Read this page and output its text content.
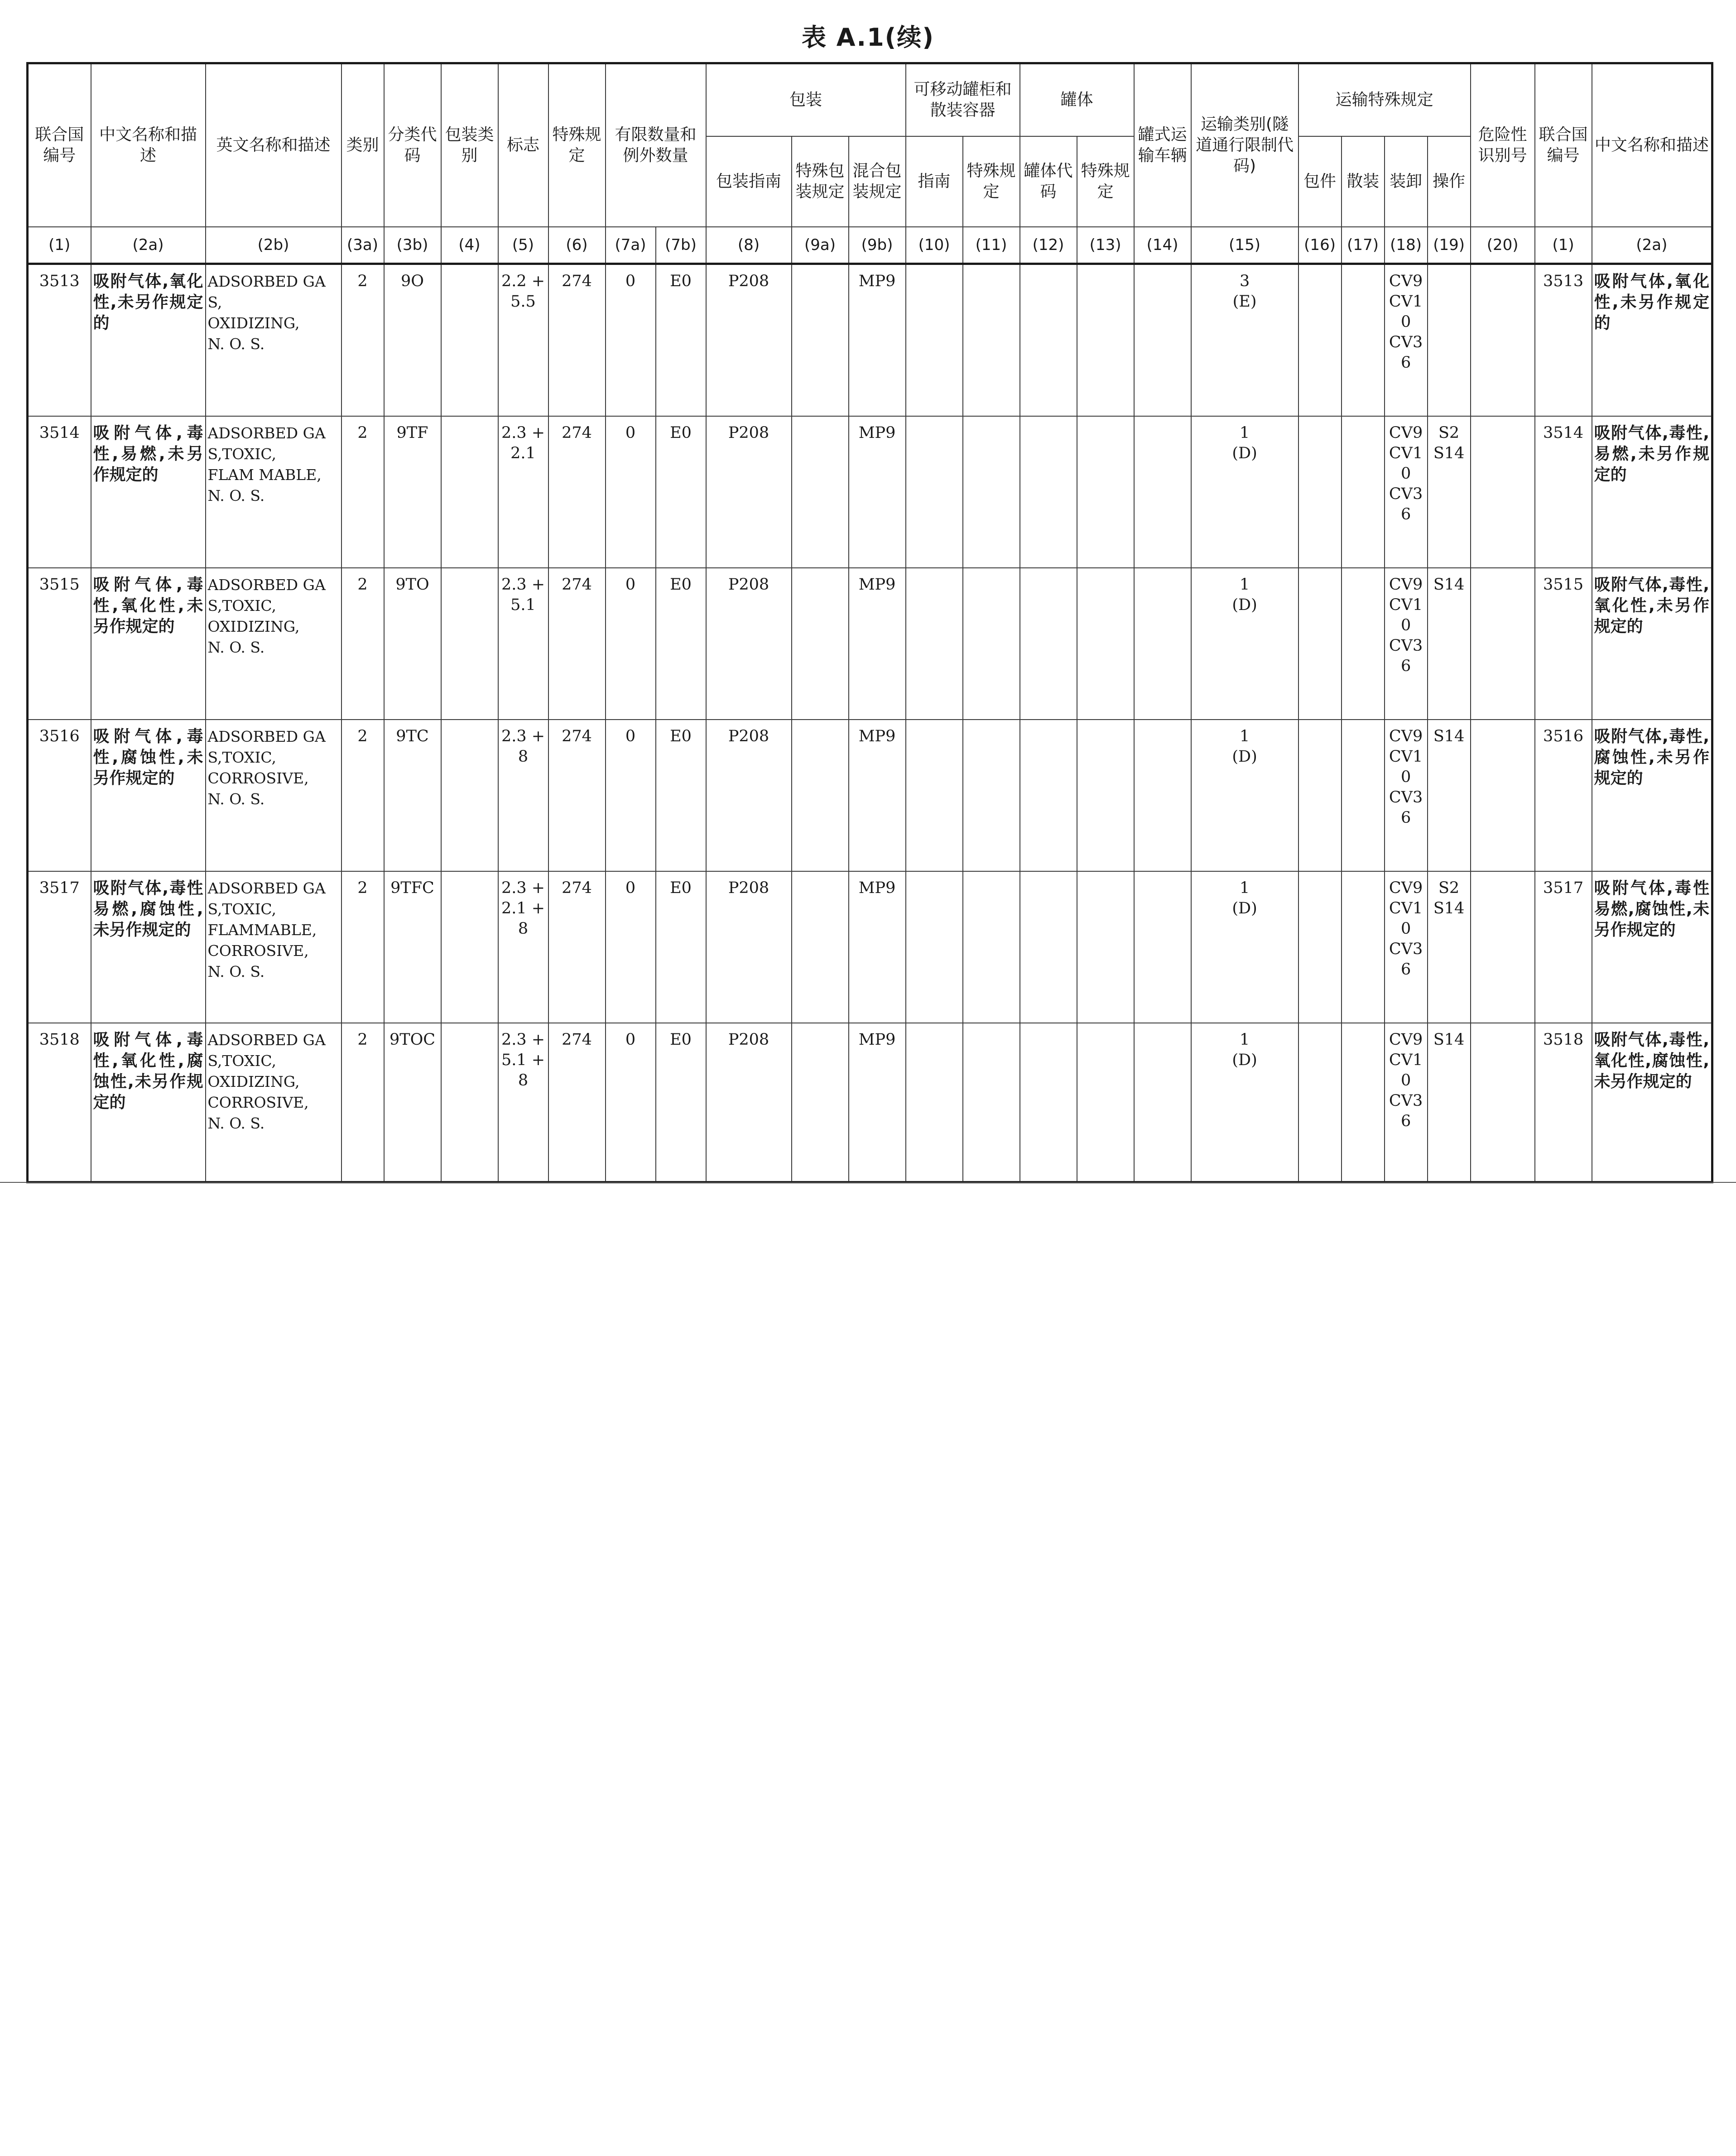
表 A.1(续)
联合国编号	中文名称和描述	英文名称和描述	类别	分类代码	包装类别	标志	特殊规定	有限数量和例外数量		包装			可移动罐柜和散装容器		罐体		罐式运输车辆	运输类别(隧道通行限制代码)	运输特殊规定				危险性识别号	联合国编号	中文名称和描述
										包装指南	特殊包装规定	混合包装规定	指南	特殊规定	罐体代码	特殊规定			包件	散装	装卸	操作			
(1)	(2a)	(2b)	(3a)	(3b)	(4)	(5)	(6)	(7a)	(7b)	(8)	(9a)	(9b)	(10)	(11)	(12)	(13)	(14)	(15)	(16)	(17)	(18)	(19)	(20)	(1)	(2a)
3513	吸附气体,氧化性,未另作规定的	ADSORBED GAS,
OXIDIZING,
N. O. S.	2	9O		2.2 +
5.5	274	0	E0	P208		MP9						3
(E)			CV9
CV10
CV36			3513	吸附气体,氧化性,未另作规定的
3514	吸附气体,毒性,易燃,未另作规定的	ADSORBED GAS,TOXIC,
FLAM MABLE,
N. O. S.	2	9TF		2.3 +
2.1	274	0	E0	P208		MP9						1
(D)			CV9
CV10
CV36	S2
S14		3514	吸附气体,毒性,易燃,未另作规定的
3515	吸附气体,毒性,氧化性,未另作规定的	ADSORBED GAS,TOXIC,
OXIDIZING,
N. O. S.	2	9TO		2.3 +
5.1	274	0	E0	P208		MP9						1
(D)			CV9
CV10
CV36	S14		3515	吸附气体,毒性,氧化性,未另作规定的
3516	吸附气体,毒性,腐蚀性,未另作规定的	ADSORBED GAS,TOXIC,
CORROSIVE,
N. O. S.	2	9TC		2.3 +
8	274	0	E0	P208		MP9						1
(D)			CV9
CV10
CV36	S14		3516	吸附气体,毒性,腐蚀性,未另作规定的
3517	吸附气体,毒性易燃,腐蚀性,未另作规定的	ADSORBED GAS,TOXIC,
FLAMMABLE,
CORROSIVE,
N. O. S.	2	9TFC		2.3 +
2.1 +
8	274	0	E0	P208		MP9						1
(D)			CV9
CV10
CV36	S2
S14		3517	吸附气体,毒性易燃,腐蚀性,未另作规定的
3518	吸附气体,毒性,氧化性,腐蚀性,未另作规定的	ADSORBED GAS,TOXIC,
OXIDIZING,
CORROSIVE,
N. O. S.	2	9TOC		2.3 +
5.1 +
8	274	0	E0	P208		MP9						1
(D)			CV9
CV10
CV36	S14		3518	吸附气体,毒性,氧化性,腐蚀性,未另作规定的
